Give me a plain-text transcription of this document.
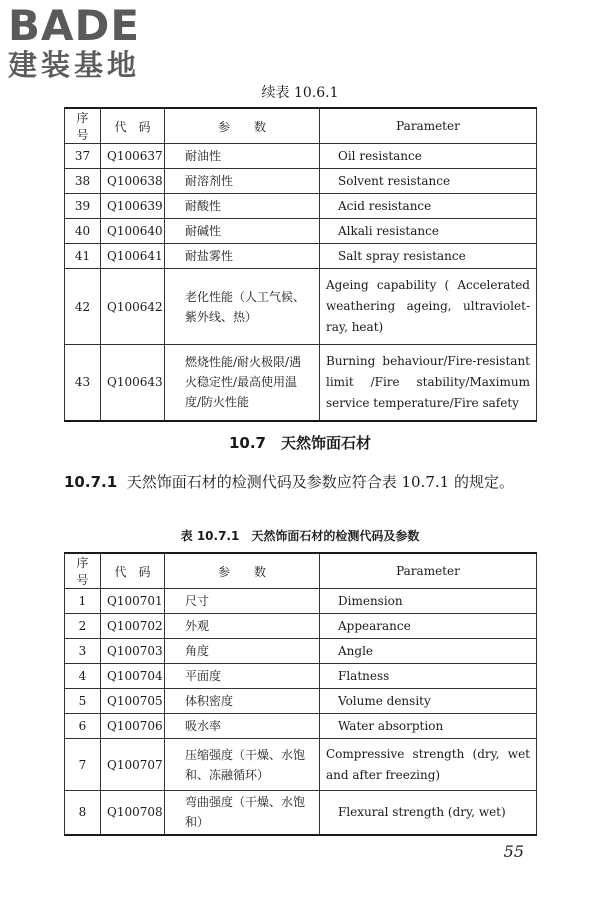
BADE
建装基地
续表 10.6.1
序号	代　码	参　　数	Parameter
37	Q100637	耐油性	Oil resistance
38	Q100638	耐溶剂性	Solvent resistance
39	Q100639	耐酸性	Acid resistance
40	Q100640	耐碱性	Alkali resistance
41	Q100641	耐盐雾性	Salt spray resistance
42	Q100642	老化性能（人工气候、紫外线、热）	Ageing capability ( Accelerated weathering ageing, ultraviolet-ray, heat)
43	Q100643	燃烧性能/耐火极限/遇火稳定性/最高使用温度/防火性能	Burning behaviour/Fire-resistant limit /Fire stability/Maximum service temperature/Fire safety
10.7　天然饰面石材
10.7.1 天然饰面石材的检测代码及参数应符合表 10.7.1 的规定。
表 10.7.1　天然饰面石材的检测代码及参数
序号	代　码	参　　数	Parameter
1	Q100701	尺寸	Dimension
2	Q100702	外观	Appearance
3	Q100703	角度	Angle
4	Q100704	平面度	Flatness
5	Q100705	体积密度	Volume density
6	Q100706	吸水率	Water absorption
7	Q100707	压缩强度（干燥、水饱和、冻融循环）	Compressive strength (dry, wet and after freezing)
8	Q100708	弯曲强度（干燥、水饱和）	Flexural strength (dry, wet)
55
